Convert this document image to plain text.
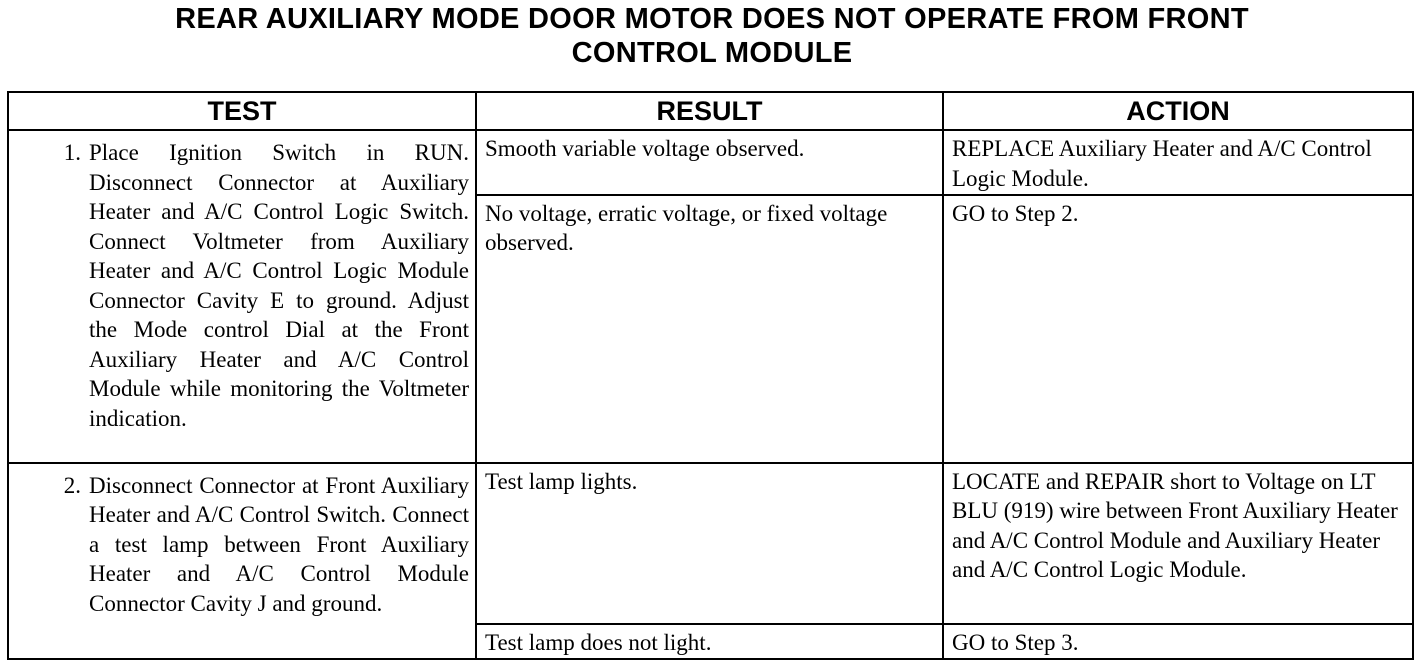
REAR AUXILIARY MODE DOOR MOTOR DOES NOT OPERATE FROM FRONT
CONTROL MODULE
TEST	RESULT	ACTION

1. Place Ignition Switch in RUN. Disconnect Connector at Auxiliary Heater and A/C Control Logic Switch. Connect Voltmeter from Auxiliary Heater and A/C Control Logic Module Connector Cavity E to ground. Adjust the Mode control Dial at the Front Auxiliary Heater and A/C Control Module while monitoring the Voltmeter indication.	Smooth variable voltage observed.	REPLACE Auxiliary Heater and A/C Control Logic Module.
	No voltage, erratic voltage, or fixed voltage observed.	GO to Step 2.

2. Disconnect Connector at Front Auxiliary Heater and A/C Control Switch. Connect a test lamp between Front Auxiliary Heater and A/C Control Module Connector Cavity J and ground.	Test lamp lights.	LOCATE and REPAIR short to Voltage on LT BLU (919) wire between Front Auxiliary Heater and A/C Control Module and Auxiliary Heater and A/C Control Logic Module.
	Test lamp does not light.	GO to Step 3.
